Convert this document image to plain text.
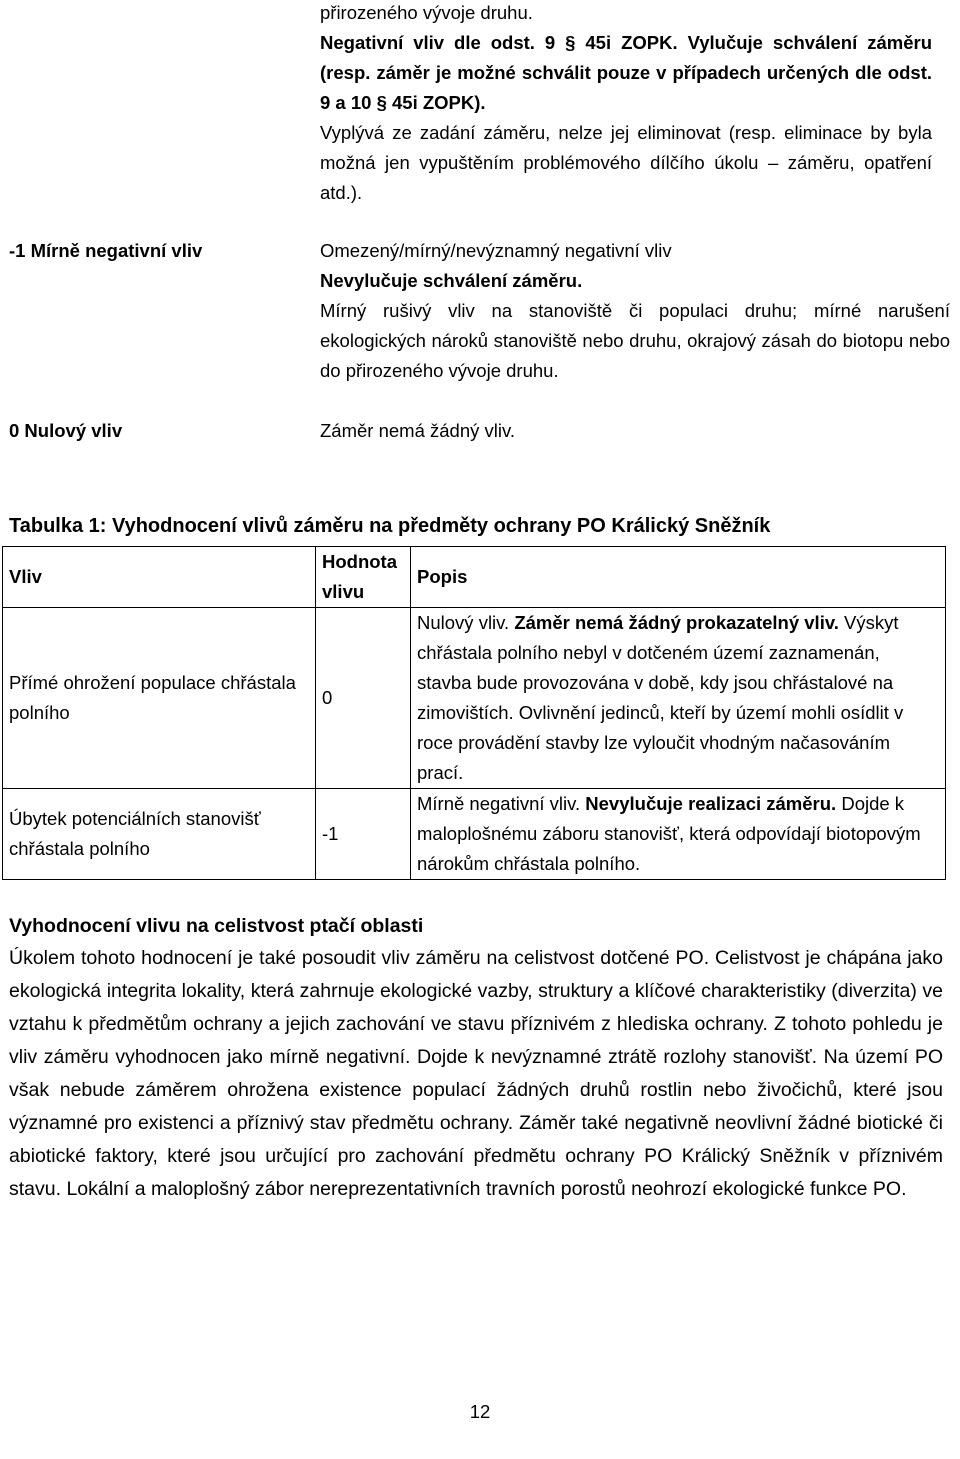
přirozeného vývoje druhu.
Negativní vliv dle odst. 9 § 45i ZOPK. Vylučuje schválení záměru (resp. záměr je možné schválit pouze v případech určených dle odst. 9 a 10 § 45i ZOPK).
Vyplývá ze zadání záměru, nelze jej eliminovat (resp. eliminace by byla možná jen vypuštěním problémového dílčího úkolu – záměru, opatření atd.).
-1 Mírně negativní vliv	Omezený/mírný/nevýznamný negativní vliv
Nevylučuje schválení záměru.
Mírný rušivý vliv na stanoviště či populaci druhu; mírné narušení ekologických nároků stanoviště nebo druhu, okrajový zásah do biotopu nebo do přirozeného vývoje druhu.
0 Nulový vliv	Záměr nemá žádný vliv.
Tabulka 1: Vyhodnocení vlivů záměru na předměty ochrany PO Králický Sněžník
Vliv	Hodnota vlivu	Popis
Přímé ohrožení populace chřástala polního	0	Nulový vliv. Záměr nemá žádný prokazatelný vliv. Výskyt chřástala polního nebyl v dotčeném území zaznamenán, stavba bude provozována v době, kdy jsou chřástalové na zimovištích. Ovlivnění jedinců, kteří by území mohli osídlit v roce provádění stavby lze vyloučit vhodným načasováním prací.
Úbytek potenciálních stanovišť chřástala polního	-1	Mírně negativní vliv. Nevylučuje realizaci záměru. Dojde k maloplošnému záboru stanovišť, která odpovídají biotopovým nárokům chřástala polního.
Vyhodnocení vlivu na celistvost ptačí oblasti
Úkolem tohoto hodnocení je také posoudit vliv záměru na celistvost dotčené PO. Celistvost je chápána jako ekologická integrita lokality, která zahrnuje ekologické vazby, struktury a klíčové charakteristiky (diverzita) ve vztahu k předmětům ochrany a jejich zachování ve stavu příznivém z hlediska ochrany. Z tohoto pohledu je vliv záměru vyhodnocen jako mírně negativní. Dojde k nevýznamné ztrátě rozlohy stanovišť. Na území PO však nebude záměrem ohrožena existence populací žádných druhů rostlin nebo živočichů, které jsou významné pro existenci a příznivý stav předmětu ochrany. Záměr také negativně neovlivní žádné biotické či abiotické faktory, které jsou určující pro zachování předmětu ochrany PO Králický Sněžník v příznivém stavu. Lokální a maloplošný zábor nereprezentativních travních porostů neohrozí ekologické funkce PO.
12
